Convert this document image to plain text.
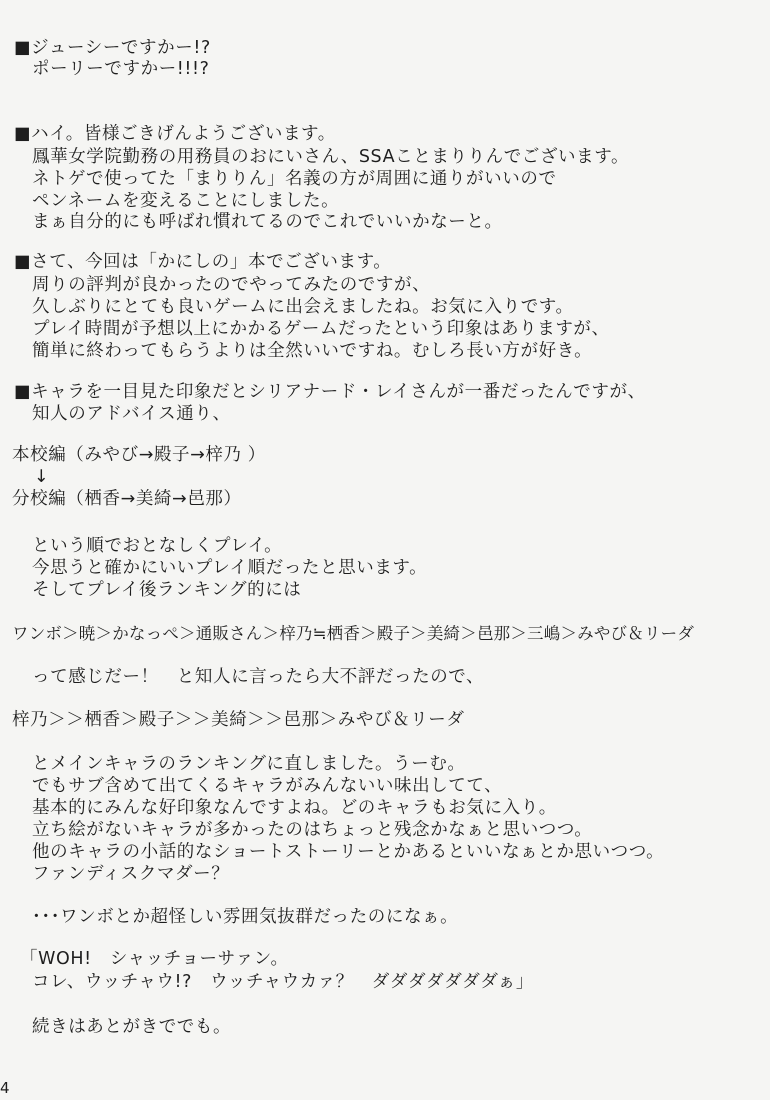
■ジューシーですかー!?
ポーリーですかー!!!?
■ハイ。皆様ごきげんようございます。
鳳華女学院勤務の用務員のおにいさん、SSAことまりりんでございます。
ネトゲで使ってた「まりりん」名義の方が周囲に通りがいいので
ペンネームを変えることにしました。
まぁ自分的にも呼ばれ慣れてるのでこれでいいかなーと。
■さて、今回は「かにしの」本でございます。
周りの評判が良かったのでやってみたのですが、
久しぶりにとても良いゲームに出会えましたね。お気に入りです。
プレイ時間が予想以上にかかるゲームだったという印象はありますが、
簡単に終わってもらうよりは全然いいですね。むしろ長い方が好き。
■キャラを一目見た印象だとシリアナード・レイさんが一番だったんですが、
知人のアドバイス通り、
本校編（みやび→殿子→梓乃 ）
↓
分校編（栖香→美綺→邑那）
という順でおとなしくプレイ。
今思うと確かにいいプレイ順だったと思います。
そしてプレイ後ランキング的には
ワンボ＞暁＞かなっぺ＞通販さん＞梓乃≒栖香＞殿子＞美綺＞邑那＞三嶋＞みやび＆リーダ
って感じだー！　と知人に言ったら大不評だったので、
梓乃＞＞栖香＞殿子＞＞美綺＞＞邑那＞みやび＆リーダ
とメインキャラのランキングに直しました。うーむ。
でもサブ含めて出てくるキャラがみんないい味出してて、
基本的にみんな好印象なんですよね。どのキャラもお気に入り。
立ち絵がないキャラが多かったのはちょっと残念かなぁと思いつつ。
他のキャラの小話的なショートストーリーとかあるといいなぁとか思いつつ。
ファンディスクマダー？
･･･ワンボとか超怪しい雰囲気抜群だったのになぁ。
「WOH!　シャッチョーサァン。
コレ、ウッチャウ!?　ウッチャウカァ？　ダダダダダダダぁ」
続きはあとがきででも。
4
